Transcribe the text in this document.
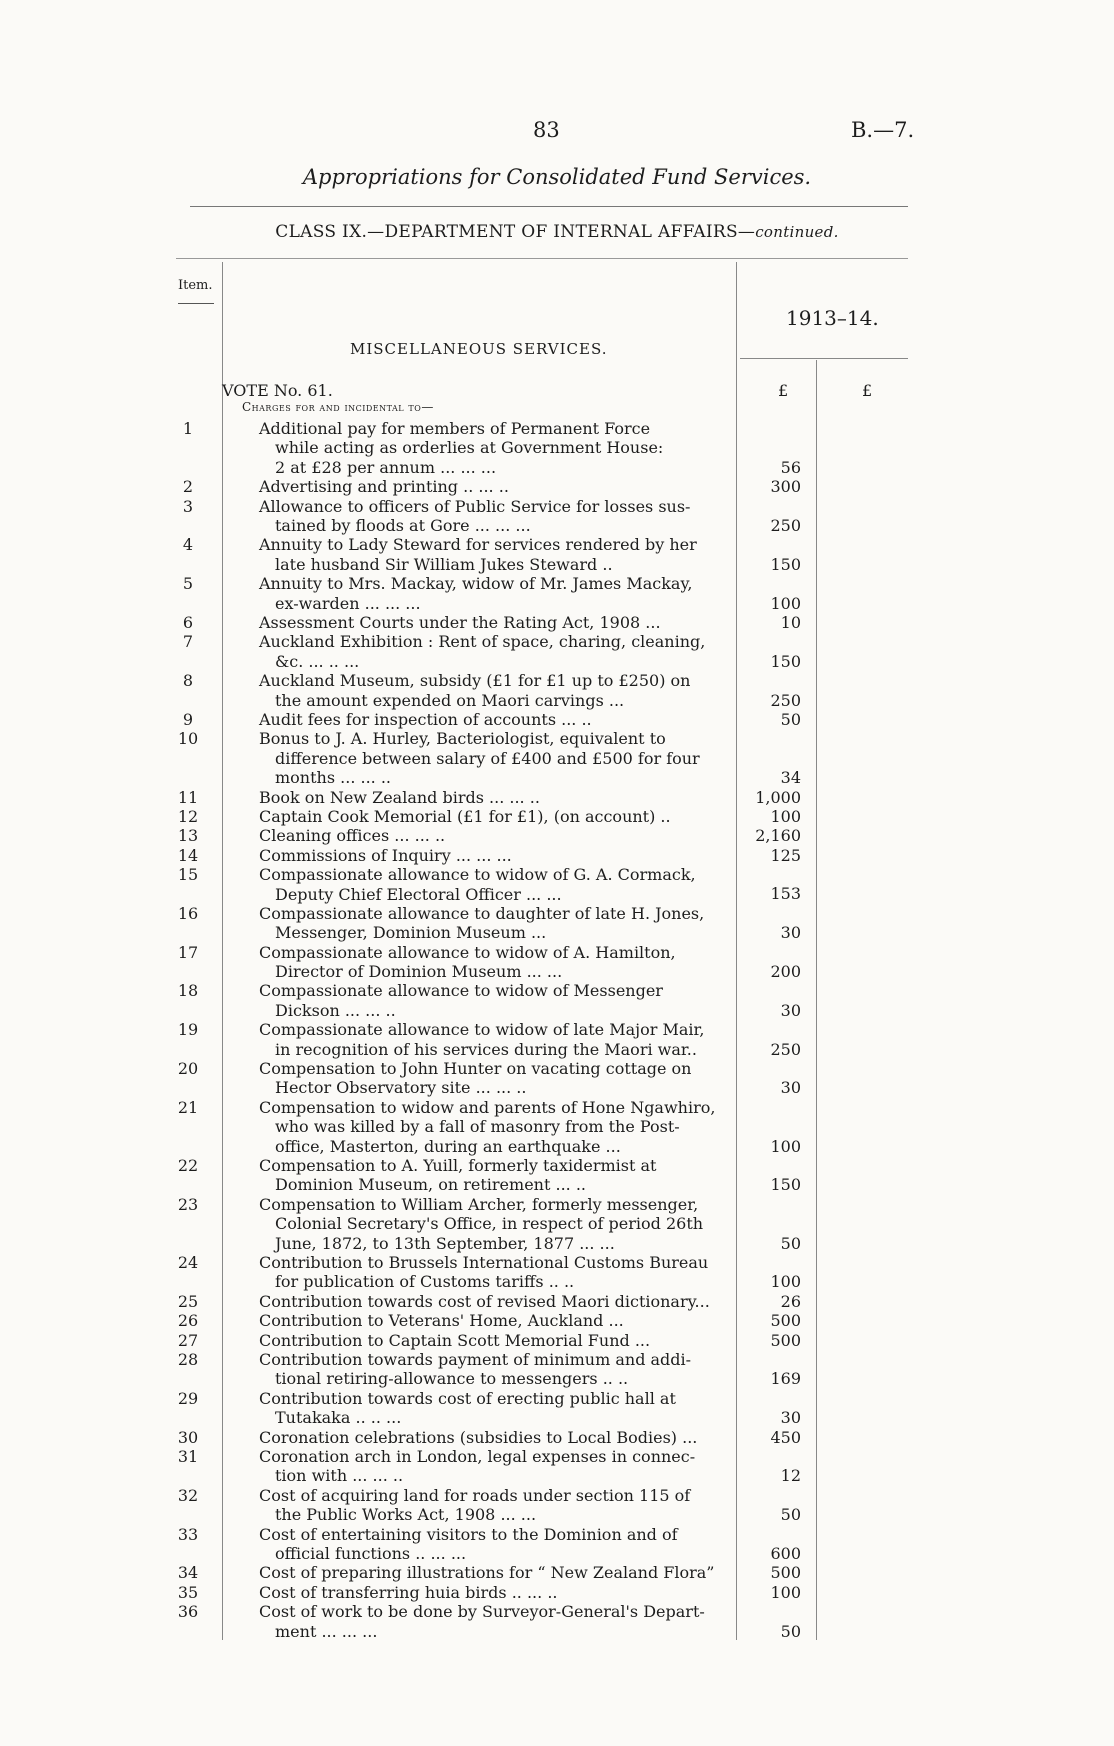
83	B.—7.
Appropriations for Consolidated Fund Services.
CLASS IX.—DEPARTMENT OF INTERNAL AFFAIRS—continued.
Item.
1913–14.
MISCELLANEOUS SERVICES.
VOTE No. 61.
Charges for and incidental to—
£	£
1	Additional pay for members of Permanent Force
while acting as orderlies at Government House:
2 at £28 per annum ... ... ...	56
2	Advertising and printing .. ... ..	300
3	Allowance to officers of Public Service for losses sus-
tained by floods at Gore ... ... ...	250
4	Annuity to Lady Steward for services rendered by her
late husband Sir William Jukes Steward ..	150
5	Annuity to Mrs. Mackay, widow of Mr. James Mackay,
ex-warden ... ... ...	100
6	Assessment Courts under the Rating Act, 1908 ...	10
7	Auckland Exhibition : Rent of space, charing, cleaning,
&c. ... .. ...	150
8	Auckland Museum, subsidy (£1 for £1 up to £250) on
the amount expended on Maori carvings ...	250
9	Audit fees for inspection of accounts ... ..	50
10	Bonus to J. A. Hurley, Bacteriologist, equivalent to
difference between salary of £400 and £500 for four
months ... ... ..	34
11	Book on New Zealand birds ... ... ..	1,000
12	Captain Cook Memorial (£1 for £1), (on account) ..	100
13	Cleaning offices ... ... ..	2,160
14	Commissions of Inquiry ... ... ...	125
15	Compassionate allowance to widow of G. A. Cormack,
Deputy Chief Electoral Officer ... ...	153
16	Compassionate allowance to daughter of late H. Jones,
Messenger, Dominion Museum ...	30
17	Compassionate allowance to widow of A. Hamilton,
Director of Dominion Museum ... ...	200
18	Compassionate allowance to widow of Messenger
Dickson ... ... ..	30
19	Compassionate allowance to widow of late Major Mair,
in recognition of his services during the Maori war..	250
20	Compensation to John Hunter on vacating cottage on
Hector Observatory site ... ... ..	30
21	Compensation to widow and parents of Hone Ngawhiro,
who was killed by a fall of masonry from the Post-
office, Masterton, during an earthquake ...	100
22	Compensation to A. Yuill, formerly taxidermist at
Dominion Museum, on retirement ... ..	150
23	Compensation to William Archer, formerly messenger,
Colonial Secretary's Office, in respect of period 26th
June, 1872, to 13th September, 1877 ... ...	50
24	Contribution to Brussels International Customs Bureau
for publication of Customs tariffs .. ..	100
25	Contribution towards cost of revised Maori dictionary...	26
26	Contribution to Veterans' Home, Auckland ...	500
27	Contribution to Captain Scott Memorial Fund ...	500
28	Contribution towards payment of minimum and addi-
tional retiring-allowance to messengers .. ..	169
29	Contribution towards cost of erecting public hall at
Tutakaka .. .. ...	30
30	Coronation celebrations (subsidies to Local Bodies) ...	450
31	Coronation arch in London, legal expenses in connec-
tion with ... ... ..	12
32	Cost of acquiring land for roads under section 115 of
the Public Works Act, 1908 ... ...	50
33	Cost of entertaining visitors to the Dominion and of
official functions .. ... ...	600
34	Cost of preparing illustrations for “ New Zealand Flora”	500
35	Cost of transferring huia birds .. ... ..	100
36	Cost of work to be done by Surveyor-General's Depart-
ment ... ... ...	50
